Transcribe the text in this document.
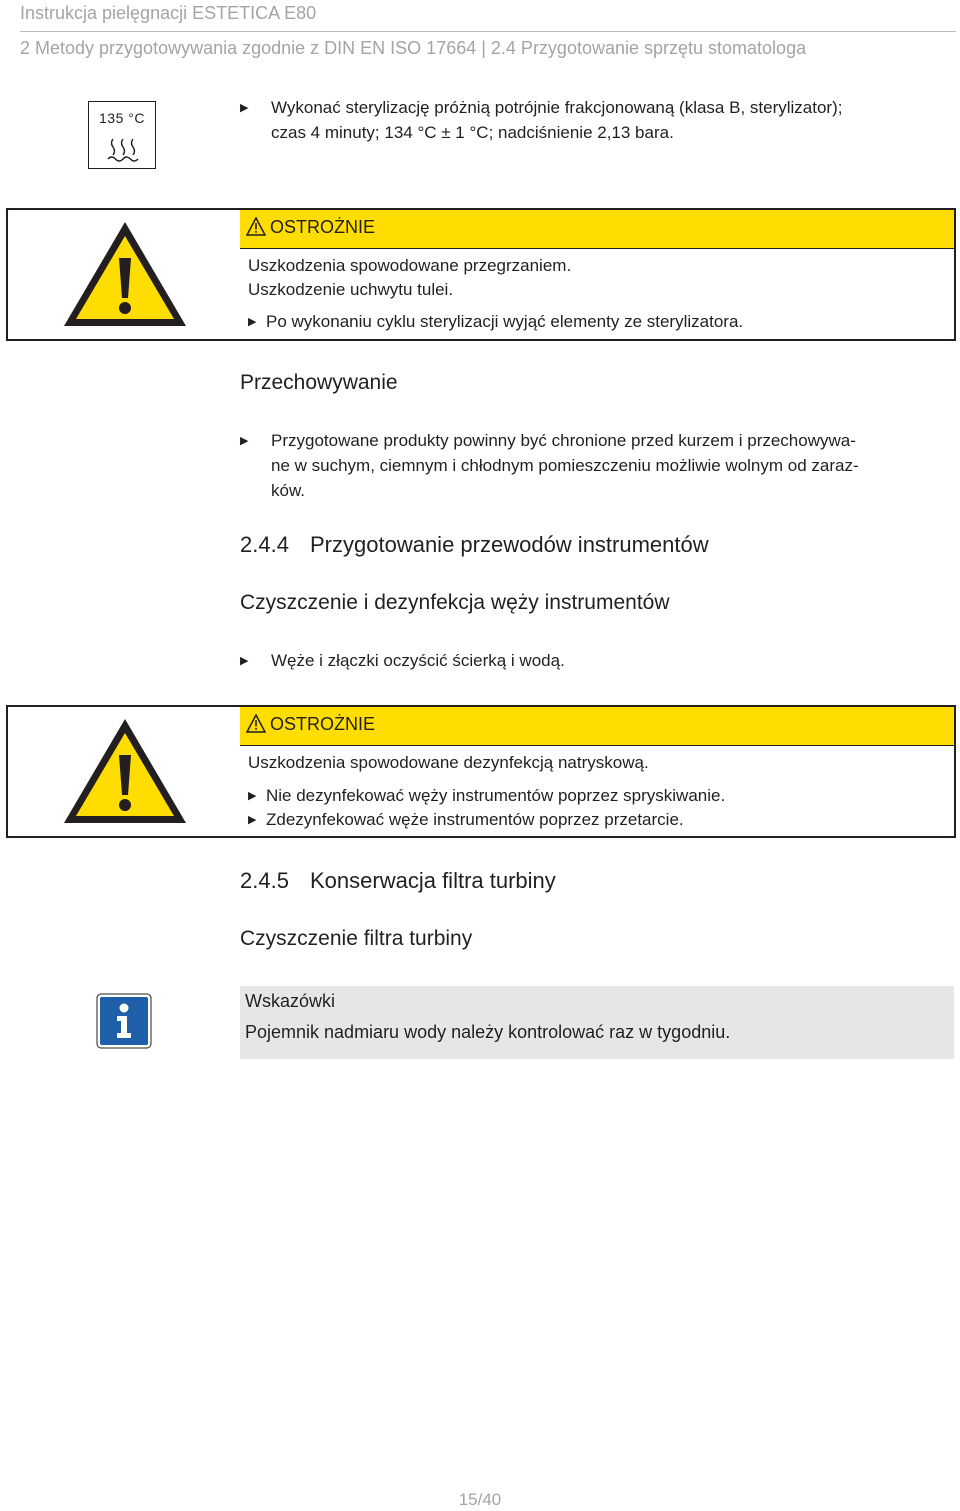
Instrukcja pielęgnacji ESTETICA E80
2 Metody przygotowywania zgodnie z DIN EN ISO 17664 | 2.4 Przygotowanie sprzętu stomatologa
135 °C
▶	Wykonać sterylizację próżnią potrójnie frakcjonowaną (klasa B, sterylizator);
czas 4 minuty; 134 °C ± 1 °C; nadciśnienie 2,13 bara.
OSTROŻNIE
Uszkodzenia spowodowane przegrzaniem.
Uszkodzenie uchwytu tulei.
▶ Po wykonaniu cyklu sterylizacji wyjąć elementy ze sterylizatora.
Przechowywanie
▶	Przygotowane produkty powinny być chronione przed kurzem i przechowywa-
ne w suchym, ciemnym i chłodnym pomieszczeniu możliwie wolnym od zaraz-
ków.
2.4.4 Przygotowanie przewodów instrumentów
Czyszczenie i dezynfekcja węży instrumentów
▶	Węże i złączki oczyścić ścierką i wodą.
OSTROŻNIE
Uszkodzenia spowodowane dezynfekcją natryskową.
▶ Nie dezynfekować węży instrumentów poprzez spryskiwanie.
▶ Zdezynfekować węże instrumentów poprzez przetarcie.
2.4.5 Konserwacja filtra turbiny
Czyszczenie filtra turbiny
Wskazówki
Pojemnik nadmiaru wody należy kontrolować raz w tygodniu.
15/40
